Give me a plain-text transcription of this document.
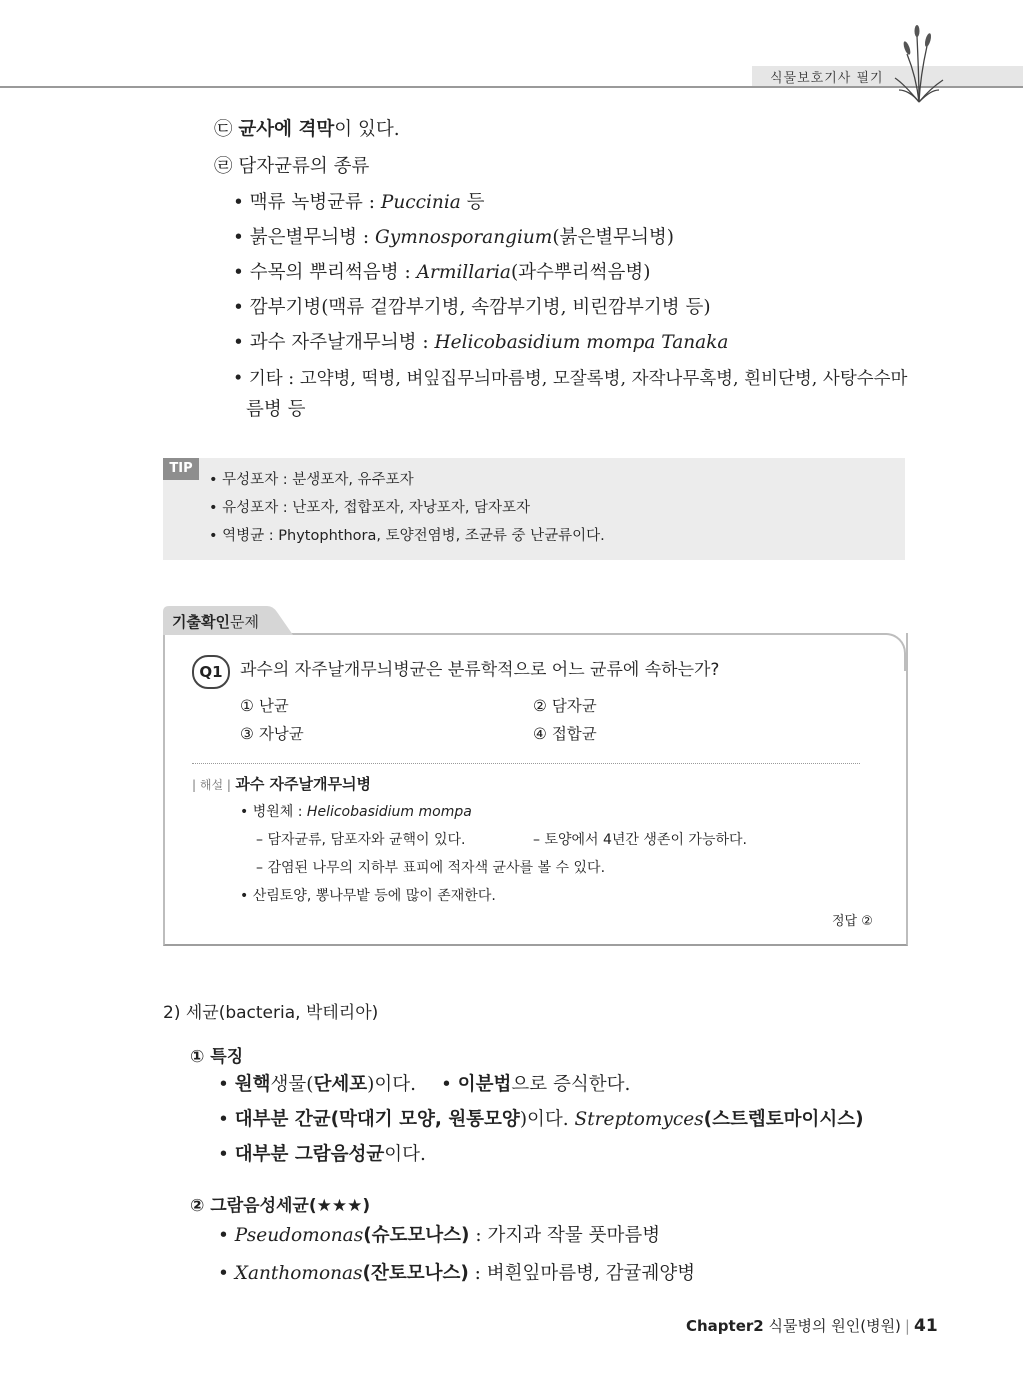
식물보호기사 필기
㉢ 균사에 격막이 있다.
㉣ 담자균류의 종류
• 맥류 녹병균류 : Puccinia 등
• 붉은별무늬병 : Gymnosporangium(붉은별무늬병)
• 수목의 뿌리썩음병 : Armillaria(과수뿌리썩음병)
• 깜부기병(맥류 겉깜부기병, 속깜부기병, 비린깜부기병 등)
• 과수 자주날개무늬병 : Helicobasidium mompa Tanaka
• 기타 : 고약병, 떡병, 벼잎집무늬마름병, 모잘록병, 자작나무혹병, 흰비단병, 사탕수수마
름병 등
TIP
• 무성포자 : 분생포자, 유주포자
• 유성포자 : 난포자, 접합포자, 자낭포자, 담자포자
• 역병균 : Phytophthora, 토양전염병, 조균류 중 난균류이다.
기출확인문제
Q1	과수의 자주날개무늬병균은 분류학적으로 어느 균류에 속하는가?
① 난균	② 담자균
③ 자낭균	④ 접합균
| 해설 | 과수 자주날개무늬병
• 병원체 : Helicobasidium mompa
– 담자균류, 담포자와 균핵이 있다.	– 토양에서 4년간 생존이 가능하다.
– 감염된 나무의 지하부 표피에 적자색 균사를 볼 수 있다.
• 산림토양, 뽕나무밭 등에 많이 존재한다.
정답 ②
2) 세균(bacteria, 박테리아)
① 특징
• 원핵생물(단세포)이다. • 이분법으로 증식한다.
• 대부분 간균(막대기 모양, 원통모양)이다. Streptomyces(스트렙토마이시스)
• 대부분 그람음성균이다.
② 그람음성세균(★★★)
• Pseudomonas(슈도모나스) : 가지과 작물 풋마름병
• Xanthomonas(잔토모나스) : 벼흰잎마름병, 감귤궤양병
Chapter2 식물병의 원인(병원) | 41
